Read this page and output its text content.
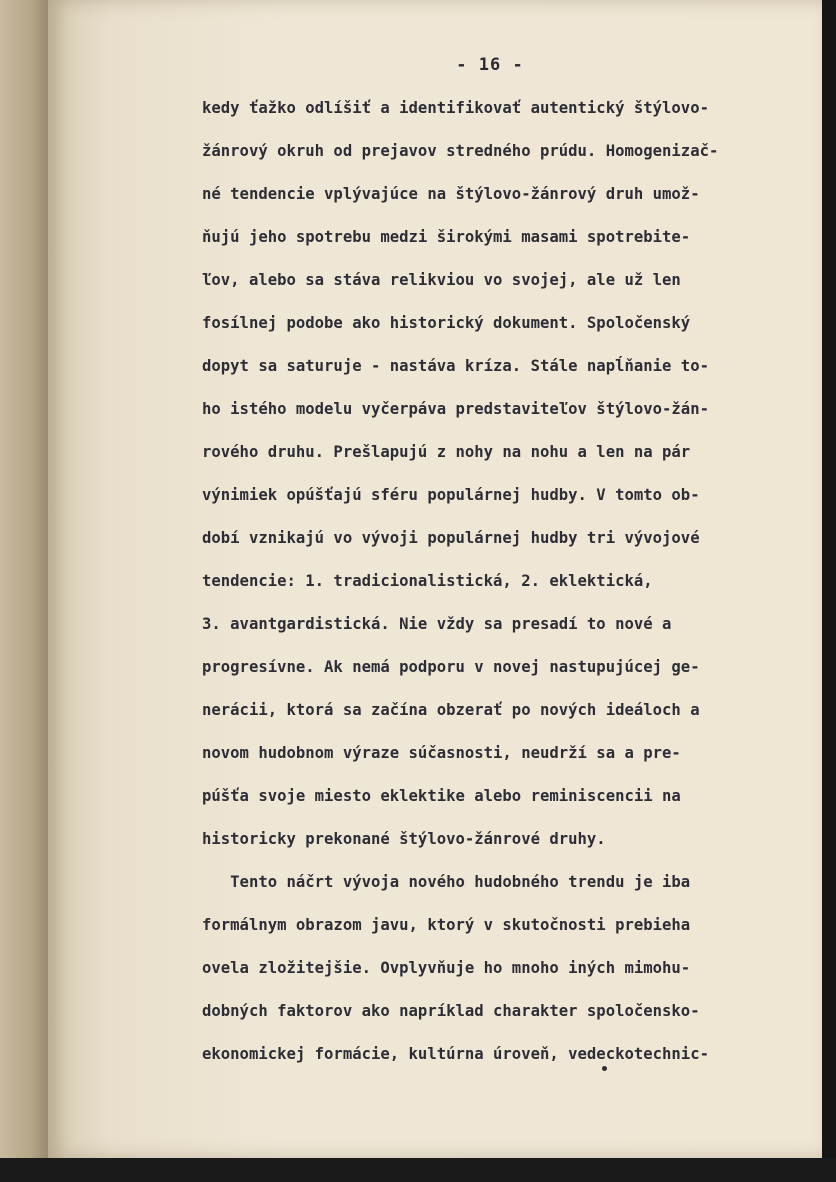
- 16 -
kedy ťažko odlíšiť a identifikovať autentický štýlovo-
žánrový okruh od prejavov stredného prúdu. Homogenizač-
né tendencie vplývajúce na štýlovo-žánrový druh umož-
ňujú jeho spotrebu medzi širokými masami spotrebite-
ľov, alebo sa stáva relikviou vo svojej, ale už len
fosílnej podobe ako historický dokument. Spoločenský
dopyt sa saturuje - nastáva kríza. Stále napĺňanie to-
ho istého modelu vyčerpáva predstaviteľov štýlovo-žán-
rového druhu. Prešlapujú z nohy na nohu a len na pár
výnimiek opúšťajú sféru populárnej hudby. V tomto ob-
dobí vznikajú vo vývoji populárnej hudby tri vývojové
tendencie: 1. tradicionalistická, 2. eklektická,
3. avantgardistická. Nie vždy sa presadí to nové a
progresívne. Ak nemá podporu v novej nastupujúcej ge-
nerácii, ktorá sa začína obzerať po nových ideáloch a
novom hudobnom výraze súčasnosti, neudrží sa a pre-
púšťa svoje miesto eklektike alebo reminiscencii na
historicky prekonané štýlovo-žánrové druhy.
Tento náčrt vývoja nového hudobného trendu je iba
formálnym obrazom javu, ktorý v skutočnosti prebieha
ovela zložitejšie. Ovplyvňuje ho mnoho iných mimohu-
dobných faktorov ako napríklad charakter spoločensko-
ekonomickej formácie, kultúrna úroveň, vedeckotechnic-
